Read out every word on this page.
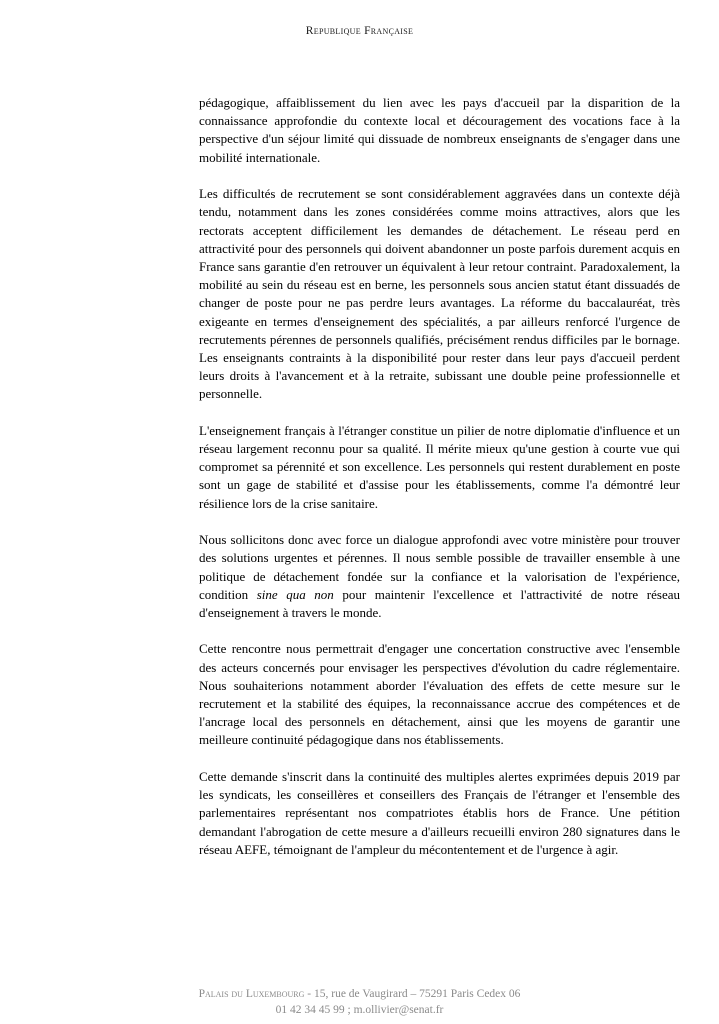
Republique Française

pédagogique, affaiblissement du lien avec les pays d'accueil par la disparition de la connaissance approfondie du contexte local et découragement des vocations face à la perspective d'un séjour limité qui dissuade de nombreux enseignants de s'engager dans une mobilité internationale.

Les difficultés de recrutement se sont considérablement aggravées dans un contexte déjà tendu, notamment dans les zones considérées comme moins attractives, alors que les rectorats acceptent difficilement les demandes de détachement. Le réseau perd en attractivité pour des personnels qui doivent abandonner un poste parfois durement acquis en France sans garantie d'en retrouver un équivalent à leur retour contraint. Paradoxalement, la mobilité au sein du réseau est en berne, les personnels sous ancien statut étant dissuadés de changer de poste pour ne pas perdre leurs avantages. La réforme du baccalauréat, très exigeante en termes d'enseignement des spécialités, a par ailleurs renforcé l'urgence de recrutements pérennes de personnels qualifiés, précisément rendus difficiles par le bornage. Les enseignants contraints à la disponibilité pour rester dans leur pays d'accueil perdent leurs droits à l'avancement et à la retraite, subissant une double peine professionnelle et personnelle.

L'enseignement français à l'étranger constitue un pilier de notre diplomatie d'influence et un réseau largement reconnu pour sa qualité. Il mérite mieux qu'une gestion à courte vue qui compromet sa pérennité et son excellence. Les personnels qui restent durablement en poste sont un gage de stabilité et d'assise pour les établissements, comme l'a démontré leur résilience lors de la crise sanitaire.

Nous sollicitons donc avec force un dialogue approfondi avec votre ministère pour trouver des solutions urgentes et pérennes. Il nous semble possible de travailler ensemble à une politique de détachement fondée sur la confiance et la valorisation de l'expérience, condition sine qua non pour maintenir l'excellence et l'attractivité de notre réseau d'enseignement à travers le monde.

Cette rencontre nous permettrait d'engager une concertation constructive avec l'ensemble des acteurs concernés pour envisager les perspectives d'évolution du cadre réglementaire. Nous souhaiterions notamment aborder l'évaluation des effets de cette mesure sur le recrutement et la stabilité des équipes, la reconnaissance accrue des compétences et de l'ancrage local des personnels en détachement, ainsi que les moyens de garantir une meilleure continuité pédagogique dans nos établissements.

Cette demande s'inscrit dans la continuité des multiples alertes exprimées depuis 2019 par les syndicats, les conseillères et conseillers des Français de l'étranger et l'ensemble des parlementaires représentant nos compatriotes établis hors de France. Une pétition demandant l'abrogation de cette mesure a d'ailleurs recueilli environ 280 signatures dans le réseau AEFE, témoignant de l'ampleur du mécontentement et de l'urgence à agir.

Palais du Luxembourg - 15, rue de Vaugirard – 75291 Paris Cedex 06
01 42 34 45 99 ; m.ollivier@senat.fr
